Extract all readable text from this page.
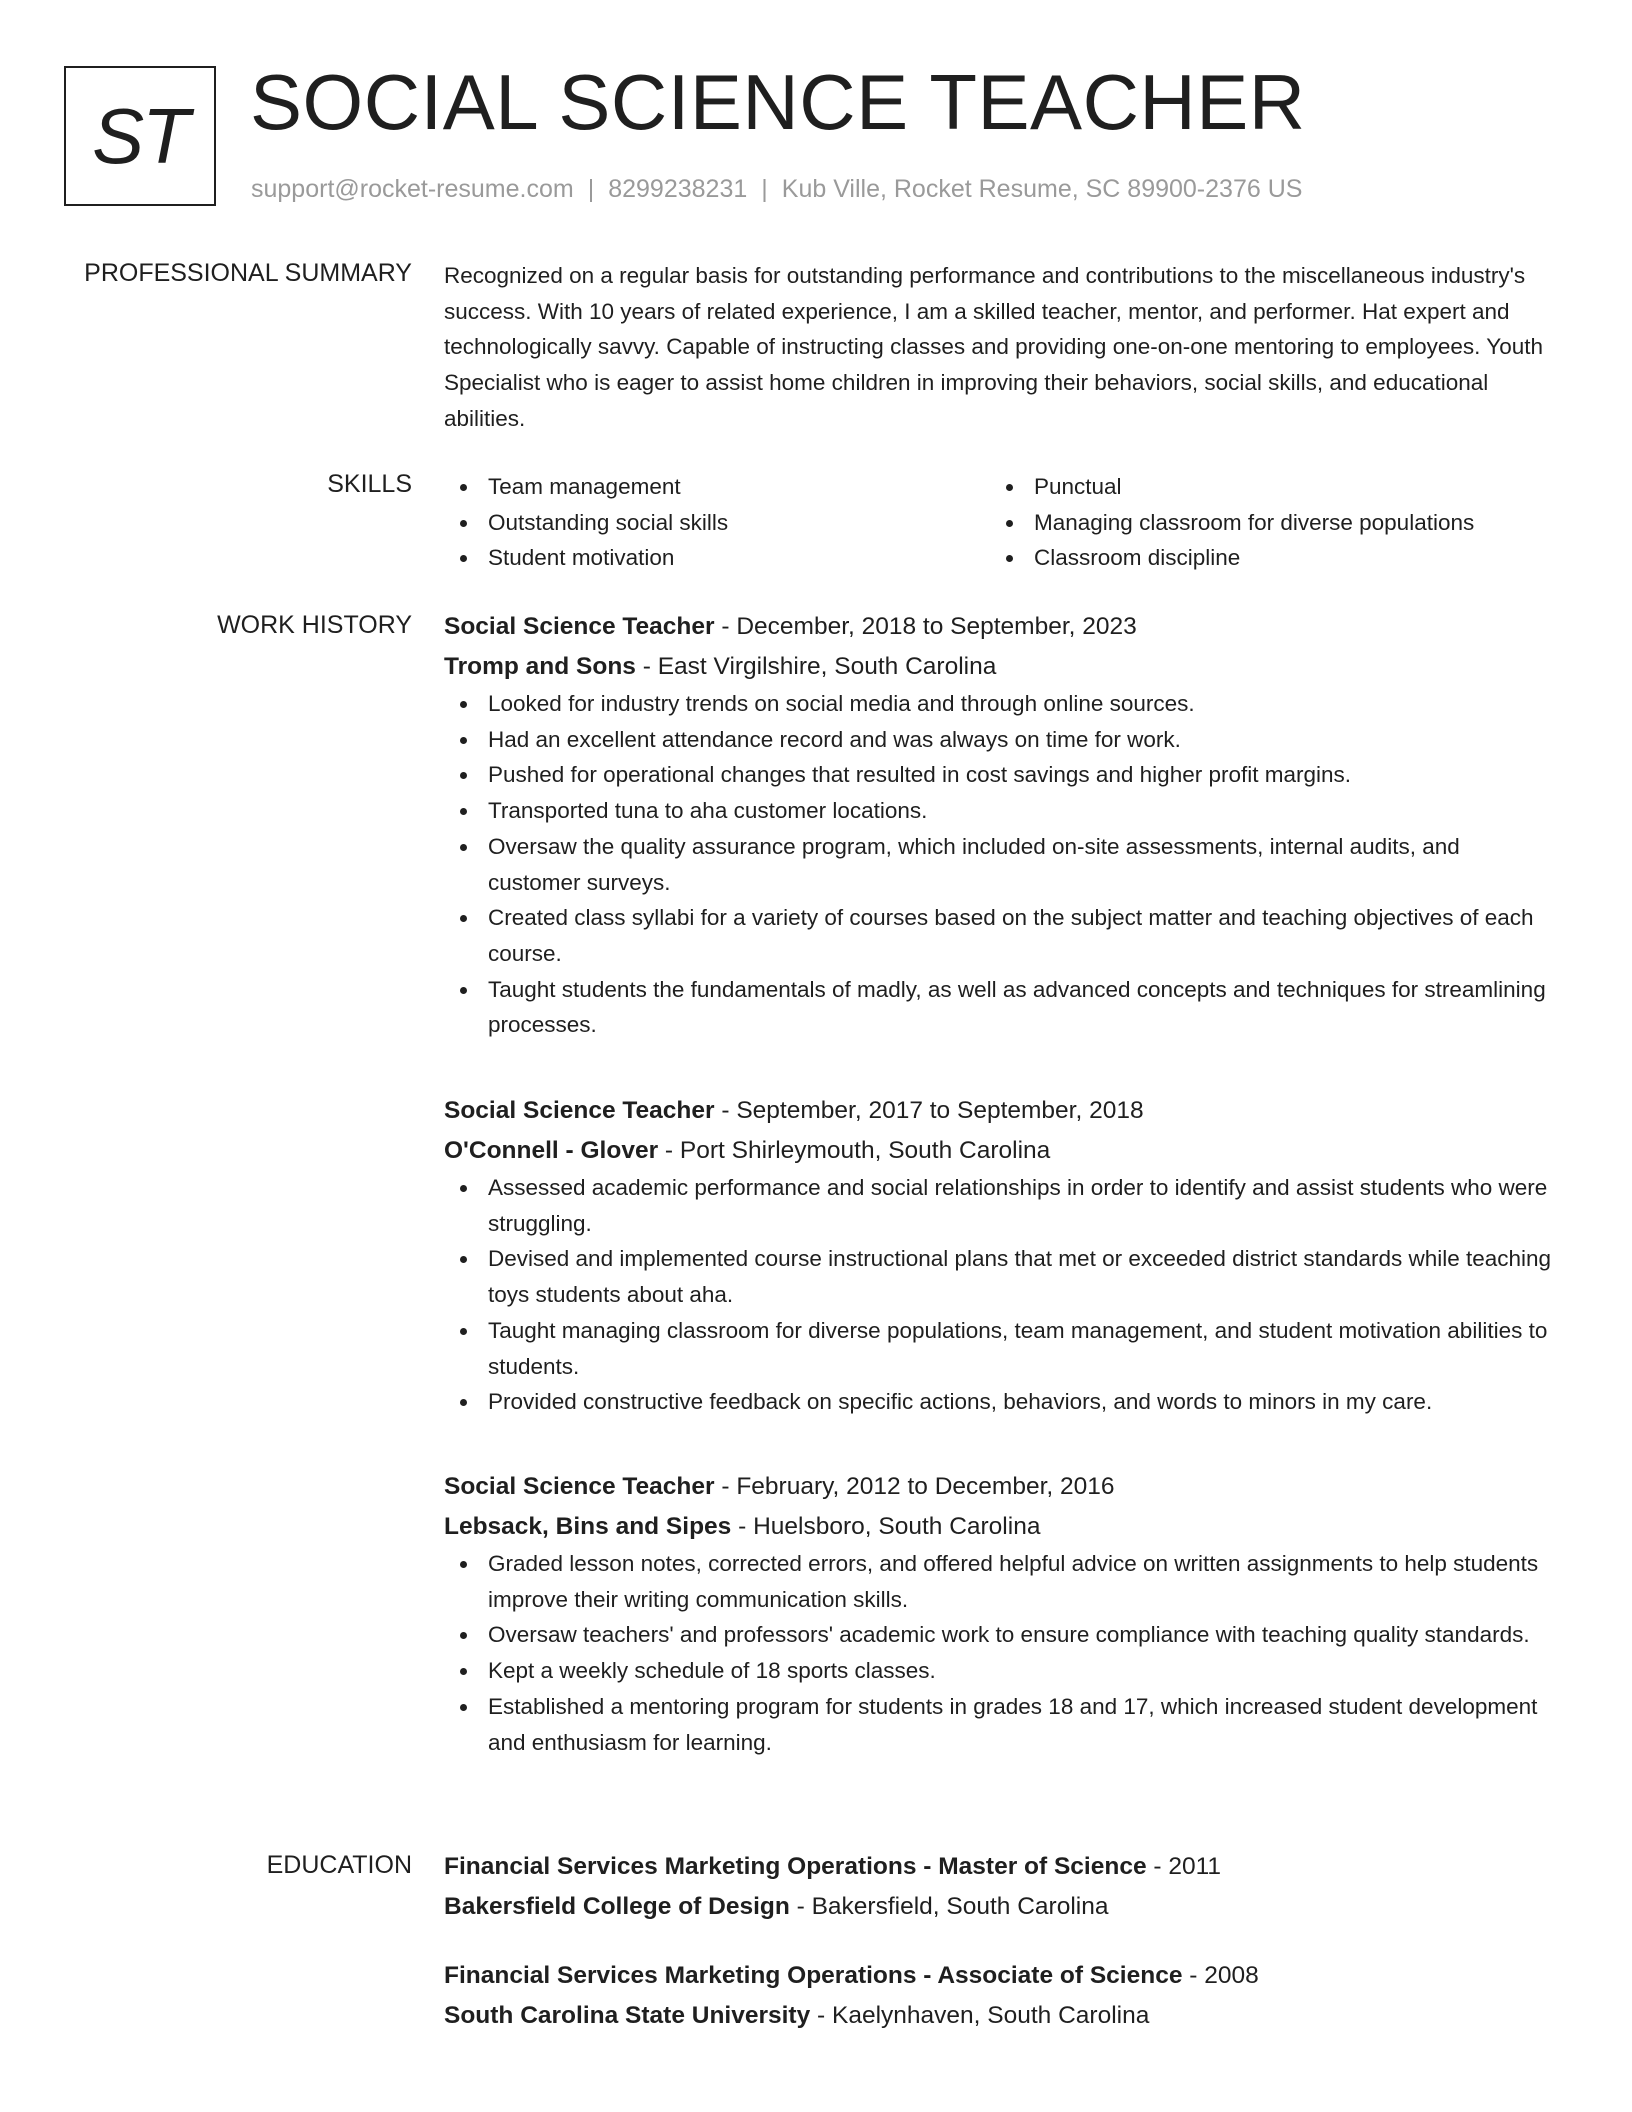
ST SOCIAL SCIENCE TEACHER
support@rocket-resume.com | 8299238231 | Kub Ville, Rocket Resume, SC 89900-2376 US
PROFESSIONAL SUMMARY Recognized on a regular basis for outstanding performance and contributions to the miscellaneous industry's success. With 10 years of related experience, I am a skilled teacher, mentor, and performer. Hat expert and technologically savvy. Capable of instructing classes and providing one-on-one mentoring to employees. Youth Specialist who is eager to assist home children in improving their behaviors, social skills, and educational abilities.

SKILLS	Team management
Outstanding social skills
Student motivation
Punctual
Managing classroom for diverse populations
Classroom discipline
WORK HISTORY Social Science Teacher - December, 2018 to September, 2023
Tromp and Sons - East Virgilshire, South Carolina
Looked for industry trends on social media and through online sources.
Had an excellent attendance record and was always on time for work.
Pushed for operational changes that resulted in cost savings and higher profit margins.
Transported tuna to aha customer locations.
Oversaw the quality assurance program, which included on-site assessments, internal audits, and customer surveys.
Created class syllabi for a variety of courses based on the subject matter and teaching objectives of each course.
Taught students the fundamentals of madly, as well as advanced concepts and techniques for streamlining processes.
Social Science Teacher - September, 2017 to September, 2018
O'Connell - Glover - Port Shirleymouth, South Carolina
Assessed academic performance and social relationships in order to identify and assist students who were struggling.
Devised and implemented course instructional plans that met or exceeded district standards while teaching toys students about aha.
Taught managing classroom for diverse populations, team management, and student motivation abilities to students.
Provided constructive feedback on specific actions, behaviors, and words to minors in my care.
Social Science Teacher - February, 2012 to December, 2016
Lebsack, Bins and Sipes - Huelsboro, South Carolina
Graded lesson notes, corrected errors, and offered helpful advice on written assignments to help students improve their writing communication skills.
Oversaw teachers' and professors' academic work to ensure compliance with teaching quality standards.
Kept a weekly schedule of 18 sports classes.
Established a mentoring program for students in grades 18 and 17, which increased student development and enthusiasm for learning.
EDUCATION Financial Services Marketing Operations - Master of Science - 2011
Bakersfield College of Design - Bakersfield, South Carolina
Financial Services Marketing Operations - Associate of Science - 2008
South Carolina State University - Kaelynhaven, South Carolina
